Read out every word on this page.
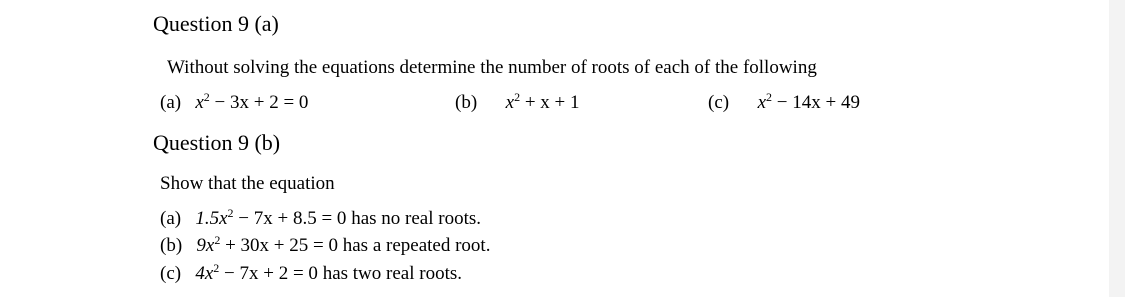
Question 9 (a)
Without solving the equations determine the number of roots of each of the following
(a) $x^2 - 3x + 2 = 0$	(b) $x^2 + x + 1$	(c) $x^2 - 14x + 49$
Question 9 (b)
Show that the equation
(a) $1.5x^2 - 7x + 8.5 = 0$ has no real roots.
(b) $9x^2 + 30x + 25 = 0$ has a repeated root.
(c) $4x^2 - 7x + 2 = 0$ has two real roots.
